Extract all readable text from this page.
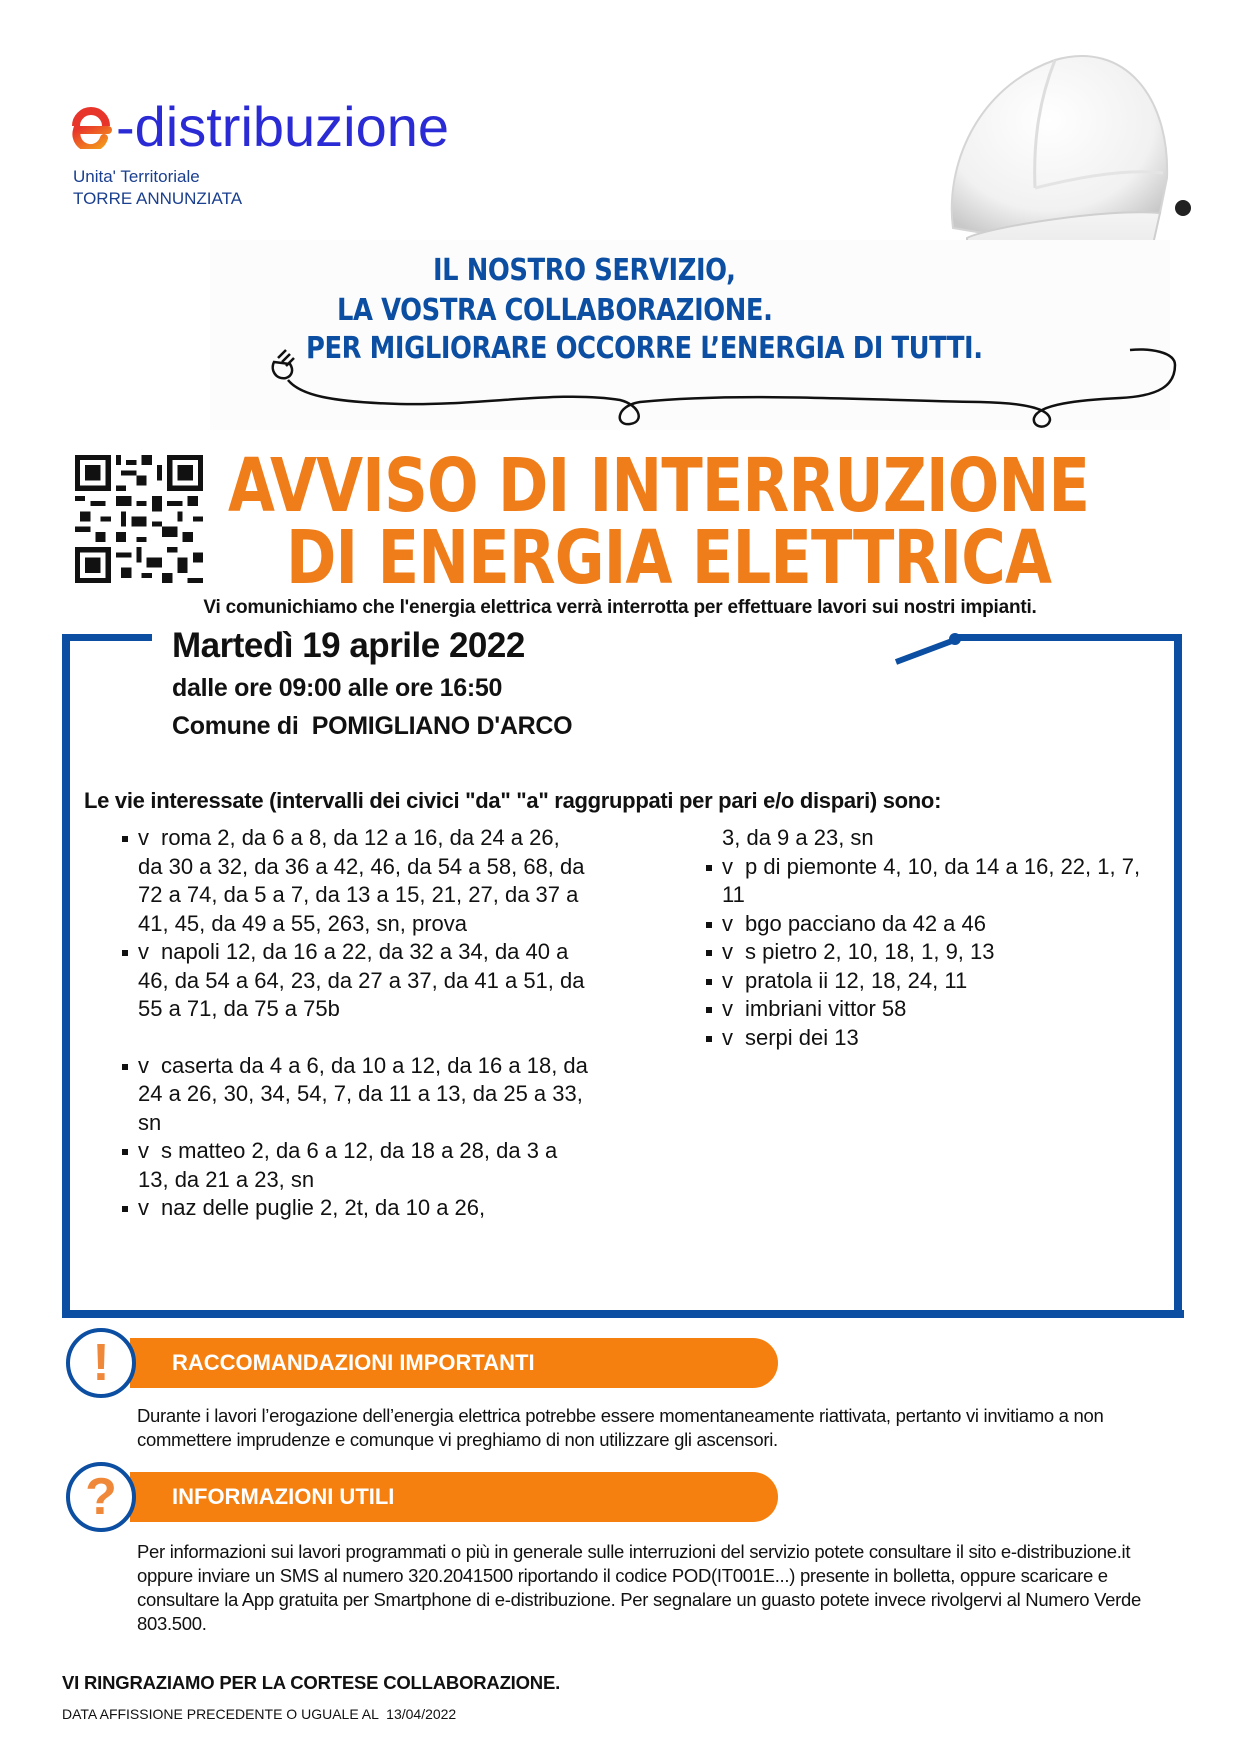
-distribuzione
Unita' Territoriale
TORRE ANNUNZIATA
IL NOSTRO SERVIZIO,
LA VOSTRA COLLABORAZIONE.
PER MIGLIORARE OCCORRE L’ENERGIA DI TUTTI.
AVVISO DI INTERRUZIONE
DI ENERGIA ELETTRICA
Vi comunichiamo che l'energia elettrica verrà interrotta per effettuare lavori sui nostri impianti.
Martedì 19 aprile 2022
dalle ore 09:00 alle ore 16:50
Comune di  POMIGLIANO D'ARCO
Le vie interessate (intervalli dei civici "da" "a" raggruppati per pari e/o dispari) sono:
v roma 2, da 6 a 8, da 12 a 16, da 24 a 26, da 30 a 32, da 36 a 42, 46, da 54 a 58, 68, da 72 a 74, da 5 a 7, da 13 a 15, 21, 27, da 37 a 41, 45, da 49 a 55, 263, sn, prova
v napoli 12, da 16 a 22, da 32 a 34, da 40 a 46, da 54 a 64, 23, da 27 a 37, da 41 a 51, da 55 a 71, da 75 a 75b
v caserta da 4 a 6, da 10 a 12, da 16 a 18, da 24 a 26, 30, 34, 54, 7, da 11 a 13, da 25 a 33, sn
v s matteo 2, da 6 a 12, da 18 a 28, da 3 a 13, da 21 a 23, sn
v naz delle puglie 2, 2t, da 10 a 26,
3, da 9 a 23, sn
v p di piemonte 4, 10, da 14 a 16, 22, 1, 7, 11
v bgo pacciano da 42 a 46
v s pietro 2, 10, 18, 1, 9, 13
v pratola ii 12, 18, 24, 11
v imbriani vittor 58
v serpi dei 13
RACCOMANDAZIONI IMPORTANTI
!
Durante i lavori l’erogazione dell’energia elettrica potrebbe essere momentaneamente riattivata, pertanto vi invitiamo a non commettere imprudenze e comunque vi preghiamo di non utilizzare gli ascensori.
INFORMAZIONI UTILI
?
Per informazioni sui lavori programmati o più in generale sulle interruzioni del servizio potete consultare il sito e-distribuzione.it oppure inviare un SMS al numero 320.2041500 riportando il codice POD(IT001E...) presente in bolletta, oppure scaricare e consultare la App gratuita per Smartphone di e-distribuzione. Per segnalare un guasto potete invece rivolgervi al Numero Verde 803.500.
VI RINGRAZIAMO PER LA CORTESE COLLABORAZIONE.
DATA AFFISSIONE PRECEDENTE O UGUALE AL  13/04/2022
